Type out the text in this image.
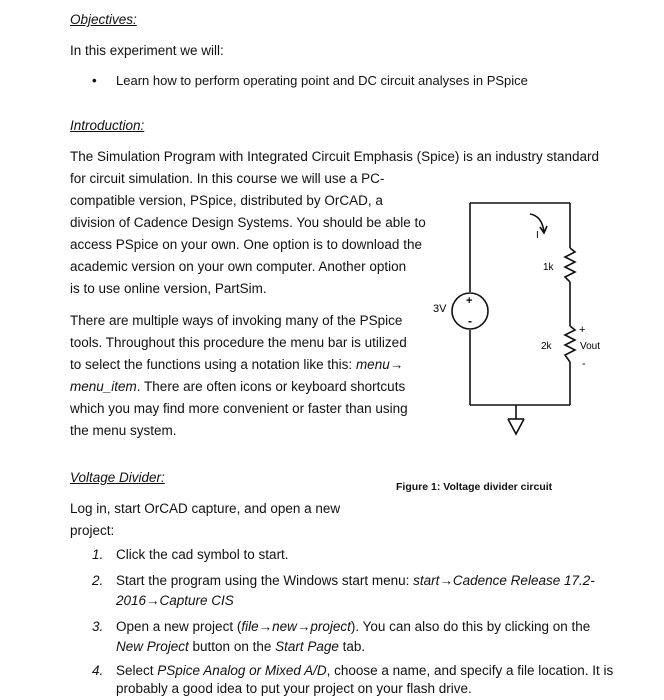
Objectives:
In this experiment we will:
• Learn how to perform operating point and DC circuit analyses in PSpice
Introduction:
The Simulation Program with Integrated Circuit Emphasis (Spice) is an industry standard
for circuit simulation. In this course we will use a PC-
compatible version, PSpice, distributed by OrCAD, a
division of Cadence Design Systems. You should be able to
access PSpice on your own. One option is to download the
academic version on your own computer. Another option
is to use online version, PartSim.
There are multiple ways of invoking many of the PSpice
tools. Throughout this procedure the menu bar is utilized
to select the functions using a notation like this: menu→
menu_item. There are often icons or keyboard shortcuts
which you may find more convenient or faster than using
the menu system.
3V
+
-
I
1k
2k
+
Vout
-
Figure 1: Voltage divider circuit
Voltage Divider:
Log in, start OrCAD capture, and open a new
project:
1. Click the cad symbol to start.
2. Start the program using the Windows start menu: start→Cadence Release 17.2-
2016→Capture CIS
3. Open a new project (file→new→project). You can also do this by clicking on the
New Project button on the Start Page tab.
4. Select PSpice Analog or Mixed A/D, choose a name, and specify a file location. It is
probably a good idea to put your project on your flash drive.
